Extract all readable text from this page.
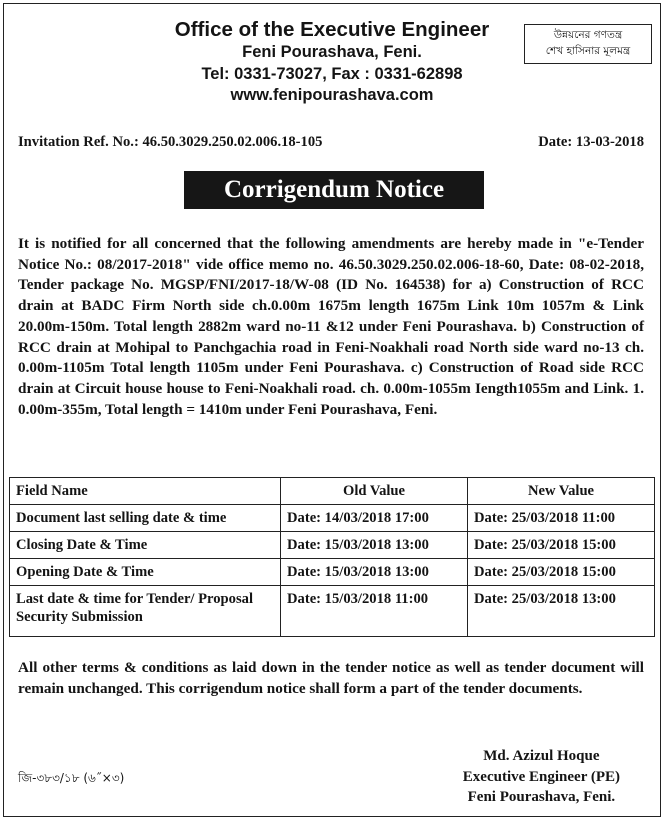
Office of the Executive Engineer
Feni Pourashava, Feni.
Tel: 0331-73027, Fax : 0331-62898
www.fenipourashava.com
উন্নয়নের গণতন্ত্র
শেখ হাসিনার মূলমন্ত্র
Invitation Ref. No.: 46.50.3029.250.02.006.18-105	Date: 13-03-2018
Corrigendum Notice
It is notified for all concerned that the following amendments are hereby made in "e-Tender Notice No.: 08/2017-2018" vide office memo no. 46.50.3029.250.02.006-18-60, Date: 08-02-2018, Tender package No. MGSP/FNI/2017-18/W-08 (ID No. 164538) for a) Construction of RCC drain at BADC Firm North side ch.0.00m 1675m length 1675m Link 10m 1057m & Link 20.00m-150m. Total length 2882m ward no-11 &12 under Feni Pourashava. b) Construction of RCC drain at Mohipal to Panchgachia road in Feni-Noakhali road North side ward no-13 ch. 0.00m-1105m Total length 1105m under Feni Pourashava. c) Construction of Road side RCC drain at Circuit house house to Feni-Noakhali road. ch. 0.00m-1055m Iength1055m and Link. 1. 0.00m-355m, Total length = 1410m under Feni Pourashava, Feni.
Field Name	Old Value	New Value
Document last selling date & time	Date: 14/03/2018 17:00	Date: 25/03/2018 11:00
Closing Date & Time	Date: 15/03/2018 13:00	Date: 25/03/2018 15:00
Opening Date & Time	Date: 15/03/2018 13:00	Date: 25/03/2018 15:00
Last date & time for Tender/ Proposal Security Submission	Date: 15/03/2018 11:00	Date: 25/03/2018 13:00
All other terms & conditions as laid down in the tender notice as well as tender document will remain unchanged. This corrigendum notice shall form a part of the tender documents.
জি-৩৮৩/১৮ (৬˝×৩)
Md. Azizul Hoque
Executive Engineer (PE)
Feni Pourashava, Feni.
